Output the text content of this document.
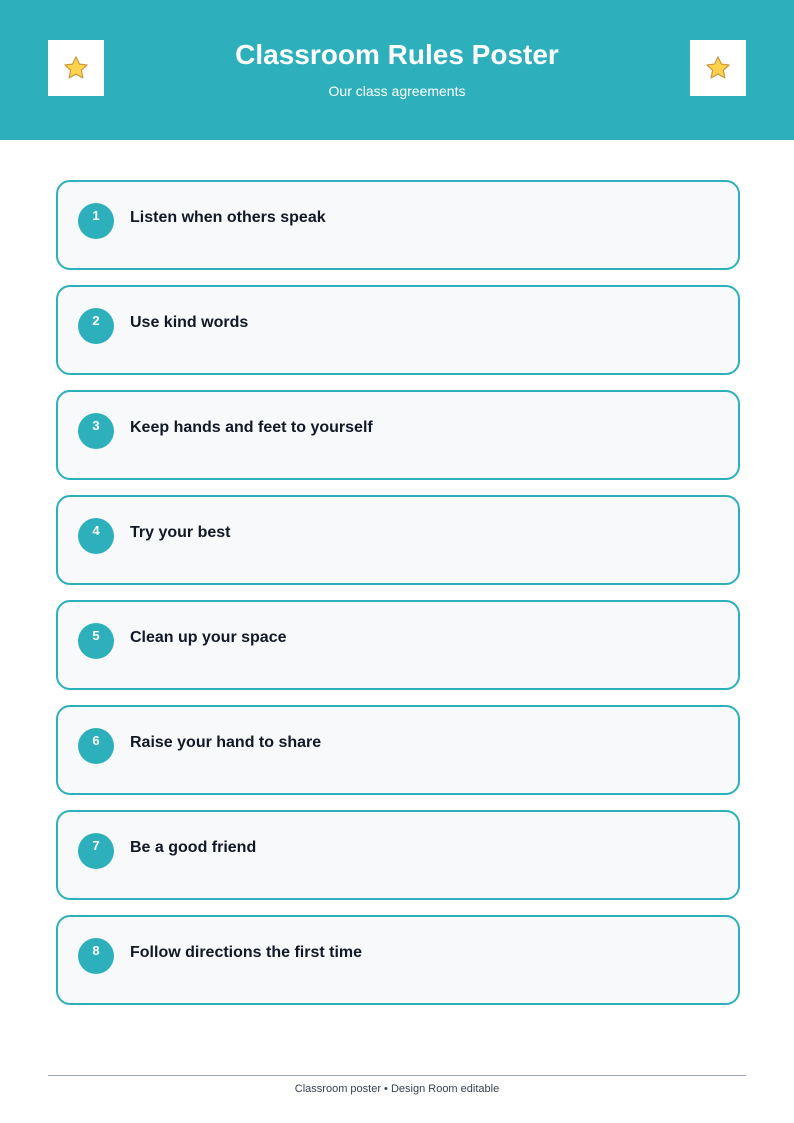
Classroom Rules Poster
Our class agreements
1	Listen when others speak
2	Use kind words
3	Keep hands and feet to yourself
4	Try your best
5	Clean up your space
6	Raise your hand to share
7	Be a good friend
8	Follow directions the first time
Classroom poster • Design Room editable
